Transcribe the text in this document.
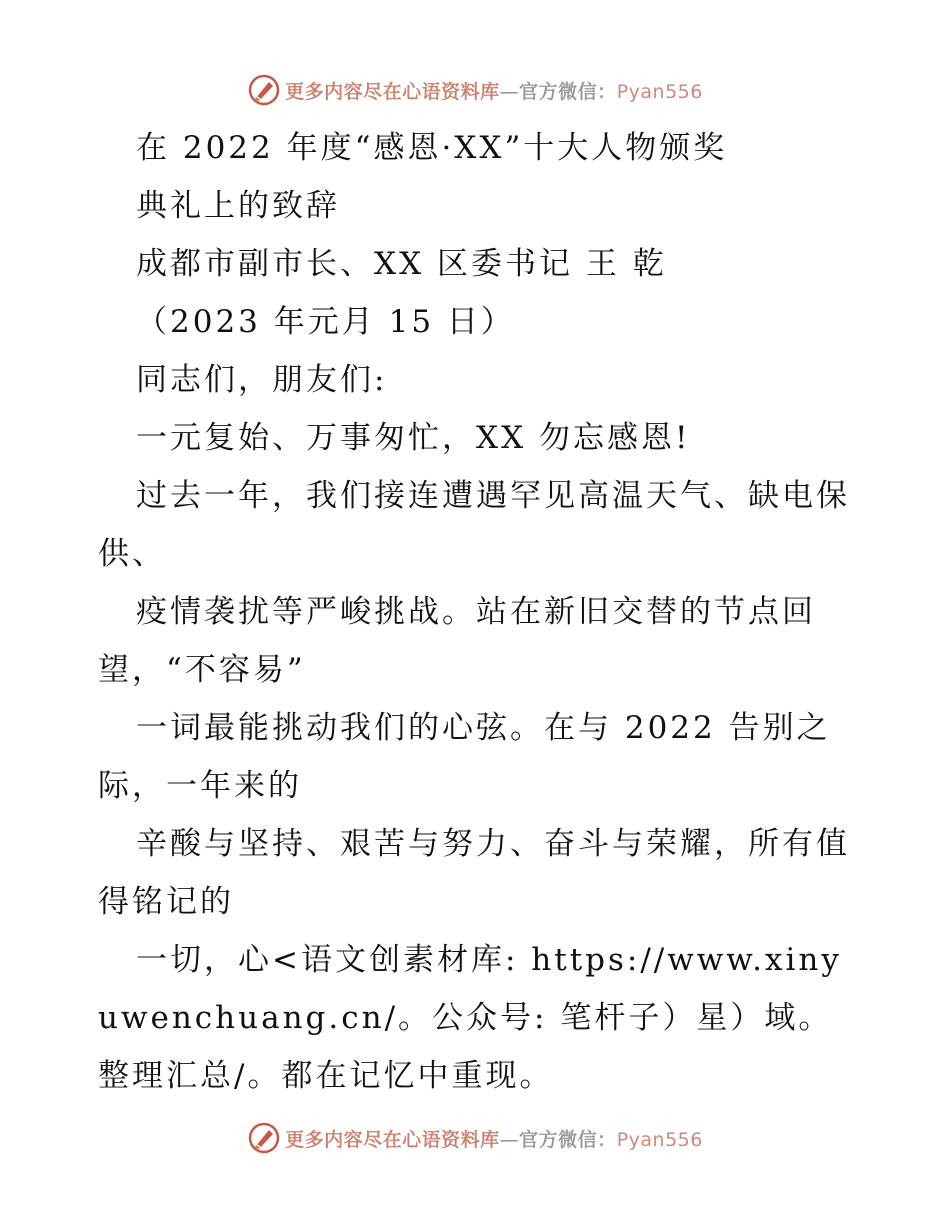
更多内容尽在心语资料库—官方微信：Pyan556

在 2022 年度“感恩·XX”十大人物颁奖

典礼上的致辞

成都市副市长、XX 区委书记 王 乾

（2023 年元月 15 日）

同志们，朋友们:

一元复始、万事匆忙，XX 勿忘感恩!

过去一年，我们接连遭遇罕见高温天气、缺电保供、

疫情袭扰等严峻挑战。站在新旧交替的节点回望，“不容易”

一词最能挑动我们的心弦。在与 2022 告别之际，一年来的

辛酸与坚持、艰苦与努力、奋斗与荣耀，所有值得铭记的

一切，心<语文创素材库: https://www.xinyuwenchuang.cn/。公众号: 笔杆子）星）域。整理汇总/。都在记忆中重现。

更多内容尽在心语资料库—官方微信：Pyan556
